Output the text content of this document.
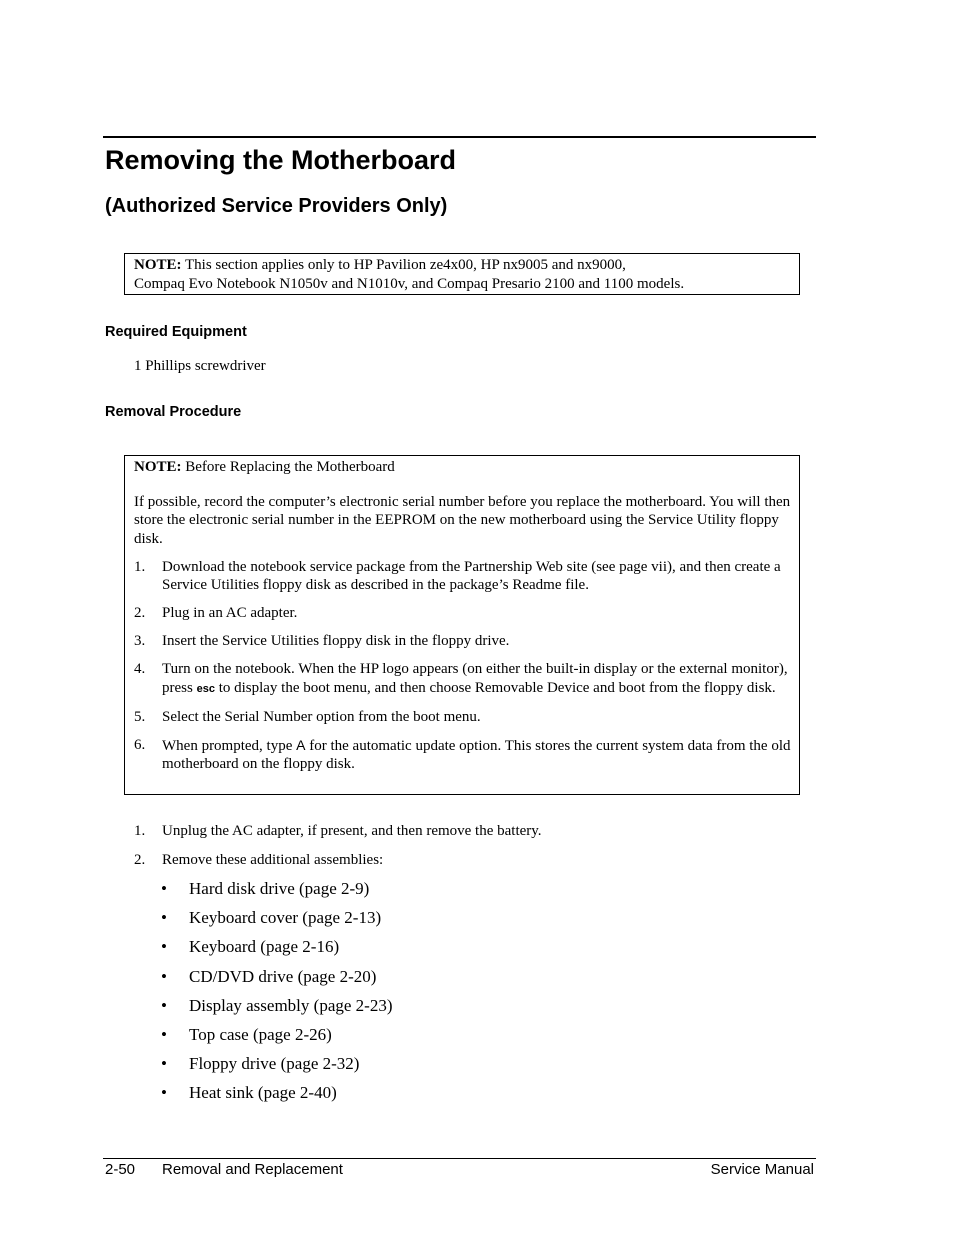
Removing the Motherboard
(Authorized Service Providers Only)
NOTE: This section applies only to HP Pavilion ze4x00, HP nx9005 and nx9000,
Compaq Evo Notebook N1050v and N1010v, and Compaq Presario 2100 and 1100 models.
Required Equipment
1 Phillips screwdriver
Removal Procedure

NOTE: Before Replacing the Motherboard

If possible, record the computer’s electronic serial number before you replace the motherboard. You will then store the electronic serial number in the EEPROM on the new motherboard using the Service Utility floppy disk.

1.	Download the notebook service package from the Partnership Web site (see page vii), and then create a Service Utilities floppy disk as described in the package’s Readme file.
2.	Plug in an AC adapter.
3.	Insert the Service Utilities floppy disk in the floppy drive.
4.	Turn on the notebook. When the HP logo appears (on either the built-in display or the external monitor), press esc to display the boot menu, and then choose Removable Device and boot from the floppy disk.
5.	Select the Serial Number option from the boot menu.
6.	When prompted, type A for the automatic update option. This stores the current system data from the old motherboard on the floppy disk.
1.	Unplug the AC adapter, if present, and then remove the battery.
2.	Remove these additional assemblies:
•	Hard disk drive (page 2-9)
•	Keyboard cover (page 2-13)
•	Keyboard (page 2-16)
•	CD/DVD drive (page 2-20)
•	Display assembly (page 2-23)
•	Top case (page 2-26)
•	Floppy drive (page 2-32)
•	Heat sink (page 2-40)
2-50 Removal and Replacement	Service Manual
